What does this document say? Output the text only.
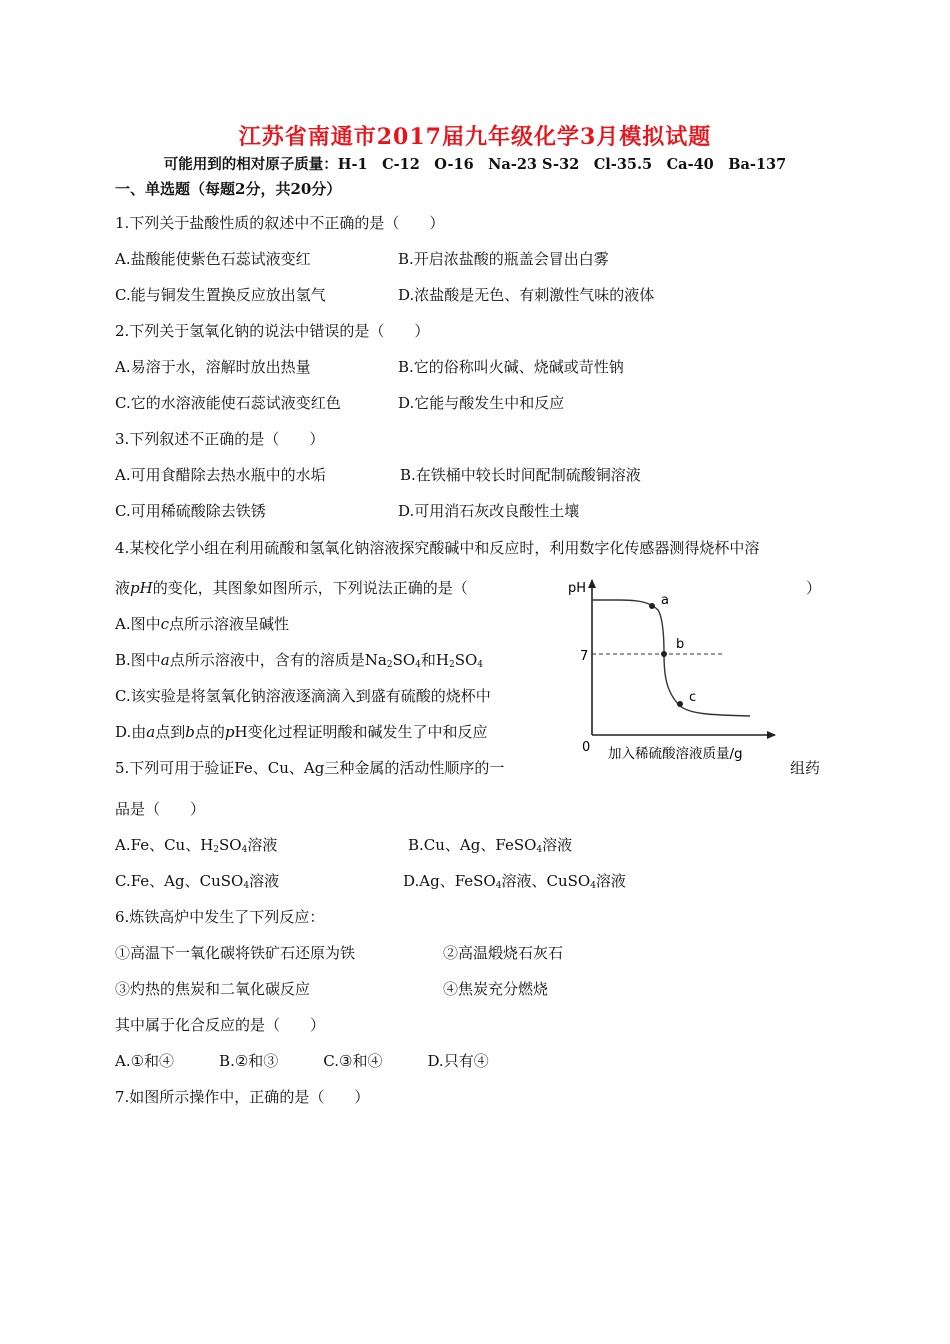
江苏省南通市2017届九年级化学3月模拟试题
可能用到的相对原子质量：H-1　C-12　O-16　Na-23 S-32　Cl-35.5　Ca-40　Ba-137
一、单选题（每题2分，共20分）
1.下列关于盐酸性质的叙述中不正确的是（　　）
A.盐酸能使紫色石蕊试液变红	B.开启浓盐酸的瓶盖会冒出白雾
C.能与铜发生置换反应放出氢气	D.浓盐酸是无色、有刺激性气味的液体
2.下列关于氢氧化钠的说法中错误的是（　　）
A.易溶于水，溶解时放出热量	B.它的俗称叫火碱、烧碱或苛性钠
C.它的水溶液能使石蕊试液变红色	D.它能与酸发生中和反应
3.下列叙述不正确的是（　　）
A.可用食醋除去热水瓶中的水垢	B.在铁桶中较长时间配制硫酸铜溶液
C.可用稀硫酸除去铁锈	D.可用消石灰改良酸性土壤
4.某校化学小组在利用硫酸和氢氧化钠溶液探究酸碱中和反应时，利用数字化传感器测得烧杯中溶
液pH的变化，其图象如图所示，下列说法正确的是（	）
A.图中c点所示溶液呈碱性
B.图中a点所示溶液中，含有的溶质是$Na_2SO_4$和$H_2SO_4$
C.该实验是将氢氧化钠溶液逐滴滴入到盛有硫酸的烧杯中
D.由a点到b点的pH变化过程证明酸和碱发生了中和反应
pH
0 加入稀硫酸溶液质量/g
7
a
b
c
5.下列可用于验证Fe、Cu、Ag三种金属的活动性顺序的一	组药
品是（　　）
A.Fe、Cu、$H_2SO_4$溶液	B.Cu、Ag、FeSO$_4$溶液
C.Fe、Ag、CuSO$_4$溶液	D.Ag、FeSO$_4$溶液、CuSO$_4$溶液
6.炼铁高炉中发生了下列反应：
①高温下一氧化碳将铁矿石还原为铁	②高温煅烧石灰石
③灼热的焦炭和二氧化碳反应	④焦炭充分燃烧
其中属于化合反应的是（　　）
A.①和④　　　B.②和③　　　C.③和④　　　D.只有④
7.如图所示操作中，正确的是（　　）
